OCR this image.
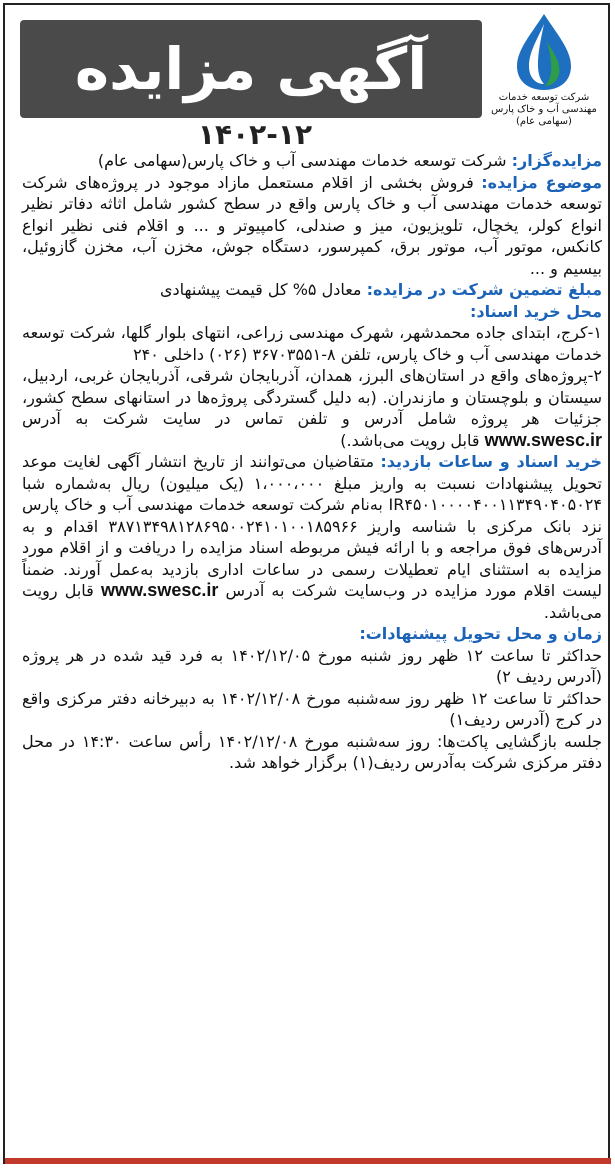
آگهی مزایده
۱۴۰۲-۱۲
شرکت توسعه خدمات
مهندسی آب و خاک پارس
(سهامی عام)

مزایده‌گزار: شرکت توسعه خدمات مهندسی آب و خاک پارس(سهامی عام)

موضوع مزایده: فروش بخشی از اقلام مستعمل مازاد موجود در پروژه‌های شرکت توسعه خدمات مهندسی آب و خاک پارس واقع در سطح کشور شامل اثاثه دفاتر نظیر انواع کولر، یخچال، تلویزیون، میز و صندلی، کامپیوتر و ... و اقلام فنی نظیر انواع کانکس، موتور آب، موتور برق، کمپرسور، دستگاه جوش، مخزن آب، مخزن گازوئیل، بیسیم و ...

مبلغ تضمین شرکت در مزایده: معادل ۵% کل قیمت پیشنهادی

محل خرید اسناد:

۱-کرج، ابتدای جاده محمدشهر، شهرک مهندسی زراعی، انتهای بلوار گلها، شرکت توسعه خدمات مهندسی آب و خاک پارس، تلفن ۸-۳۶۷۰۳۵۵۱ (۰۲۶) داخلی ۲۴۰

۲-پروژه‌های واقع در استان‌های البرز، همدان، آذربایجان شرقی، آذربایجان غربی، اردبیل، سیستان و بلوچستان و مازندران. (به دلیل گستردگی پروژه‌ها در استانهای سطح کشور، جزئیات هر پروژه شامل آدرس و تلفن تماس در سایت شرکت به آدرس www.swesc.ir قابل رویت می‌باشد.)

خرید اسناد و ساعات بازدید: متقاضیان می‌توانند از تاریخ انتشار آگهی لغایت موعد تحویل پیشنهادات نسبت به واریز مبلغ ۱،۰۰۰،۰۰۰ (یک میلیون) ریال به‌شماره شبا IR۴۵۰۱۰۰۰۰۴۰۰۱۱۳۴۹۰۴۰۵۰۲۴ به‌نام شرکت توسعه خدمات مهندسی آب و خاک پارس نزد بانک مرکزی با شناسه واریز ۳۸۷۱۳۴۹۸۱۲۸۶۹۵۰۰۲۴۱۰۱۰۰۱۸۵۹۶۶ اقدام و به آدرس‌های فوق مراجعه و با ارائه فیش مربوطه اسناد مزایده را دریافت و از اقلام مورد مزایده به استثنای ایام تعطیلات رسمی در ساعات اداری بازدید به‌عمل آورند. ضمناً لیست اقلام مورد مزایده در وب‌سایت شرکت به آدرس www.swesc.ir قابل رویت می‌باشد.

زمان و محل تحویل پیشنهادات:

حداکثر تا ساعت ۱۲ ظهر روز شنبه مورخ ۱۴۰۲/۱۲/۰۵ به فرد قید شده در هر پروژه (آدرس ردیف ۲)

حداکثر تا ساعت ۱۲ ظهر روز سه‌شنبه مورخ ۱۴۰۲/۱۲/۰۸ به دبیرخانه دفتر مرکزی واقع در کرج (آدرس ردیف۱)

جلسه بازگشایی پاکت‌ها: روز سه‌شنبه مورخ ۱۴۰۲/۱۲/۰۸ رأس ساعت ۱۴:۳۰ در محل دفتر مرکزی شرکت به‌آدرس ردیف(۱) برگزار خواهد شد.
